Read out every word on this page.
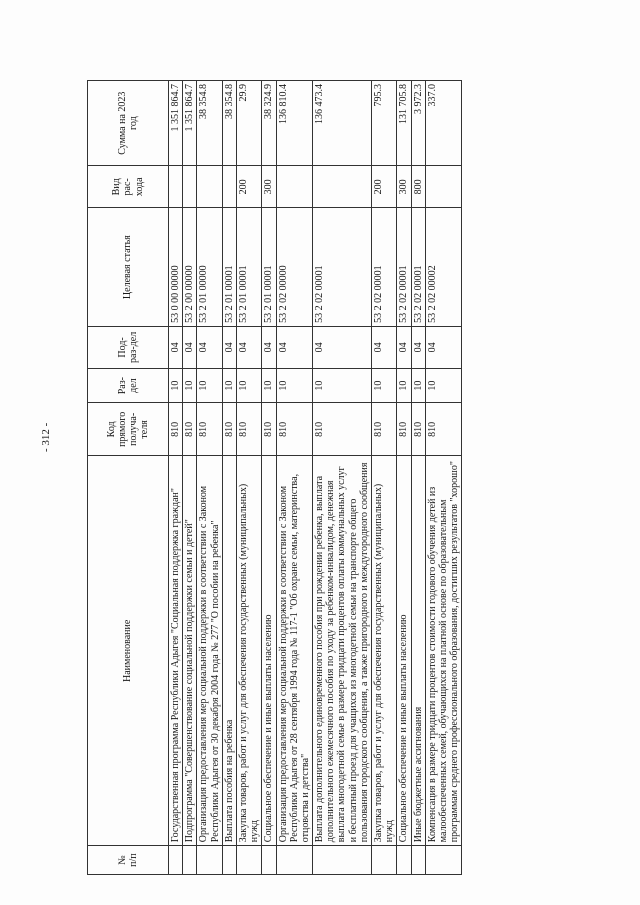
- 312 -
№
п/п	Наименование	Код прямого получа-теля	Раз-дел	Под-раз-дел	Целевая статья	Вид рас-хода	Сумма на 2023 год
	Государственная программа Республики Адыгея "Социальная поддержка граждан"	810	10	04	53 0 00 00000		1 351 864.7
	Подпрограмма "Совершенствование социальной поддержки семьи и детей"	810	10	04	53 2 00 00000		1 351 864.7
	Организация предоставления мер социальной поддержки в соответствии с Законом Республики Адыгея от 30 декабря 2004 года № 277 "О пособии на ребенка"	810	10	04	53 2 01 00000		38 354.8
	Выплата пособия на ребенка	810	10	04	53 2 01 00001		38 354.8
	Закупка товаров, работ и услуг для обеспечения государственных (муниципальных) нужд	810	10	04	53 2 01 00001	200	29.9
	Социальное обеспечение и иные выплаты населению	810	10	04	53 2 01 00001	300	38 324.9
	Организация предоставления мер социальной поддержки в соответствии с Законом Республики Адыгея от 28 сентября 1994 года № 117-1 "Об охране семьи, материнства, отцовства и детства"	810	10	04	53 2 02 00000		136 810.4
	Выплата дополнительного единовременного пособия при рождении ребенка, выплата дополнительного ежемесячного пособия по уходу за ребенком-инвалидом, денежная выплата многодетной семье в размере тридцати процентов оплаты коммунальных услуг и бесплатный проезд для учащихся из многодетной семьи на транспорте общего пользования городского сообщения, а также пригородного и междугородного сообщения	810	10	04	53 2 02 00001		136 473.4
	Закупка товаров, работ и услуг для обеспечения государственных (муниципальных) нужд	810	10	04	53 2 02 00001	200	795.3
	Социальное обеспечение и иные выплаты населению	810	10	04	53 2 02 00001	300	131 705.8
	Иные бюджетные ассигнования	810	10	04	53 2 02 00001	800	3 972.3
	Компенсация в размере тридцати процентов стоимости годового обучения детей из малообеспеченных семей, обучающихся на платной основе по образовательным программам среднего профессионального образования, достигших результатов "хорошо"	810	10	04	53 2 02 00002		337.0
